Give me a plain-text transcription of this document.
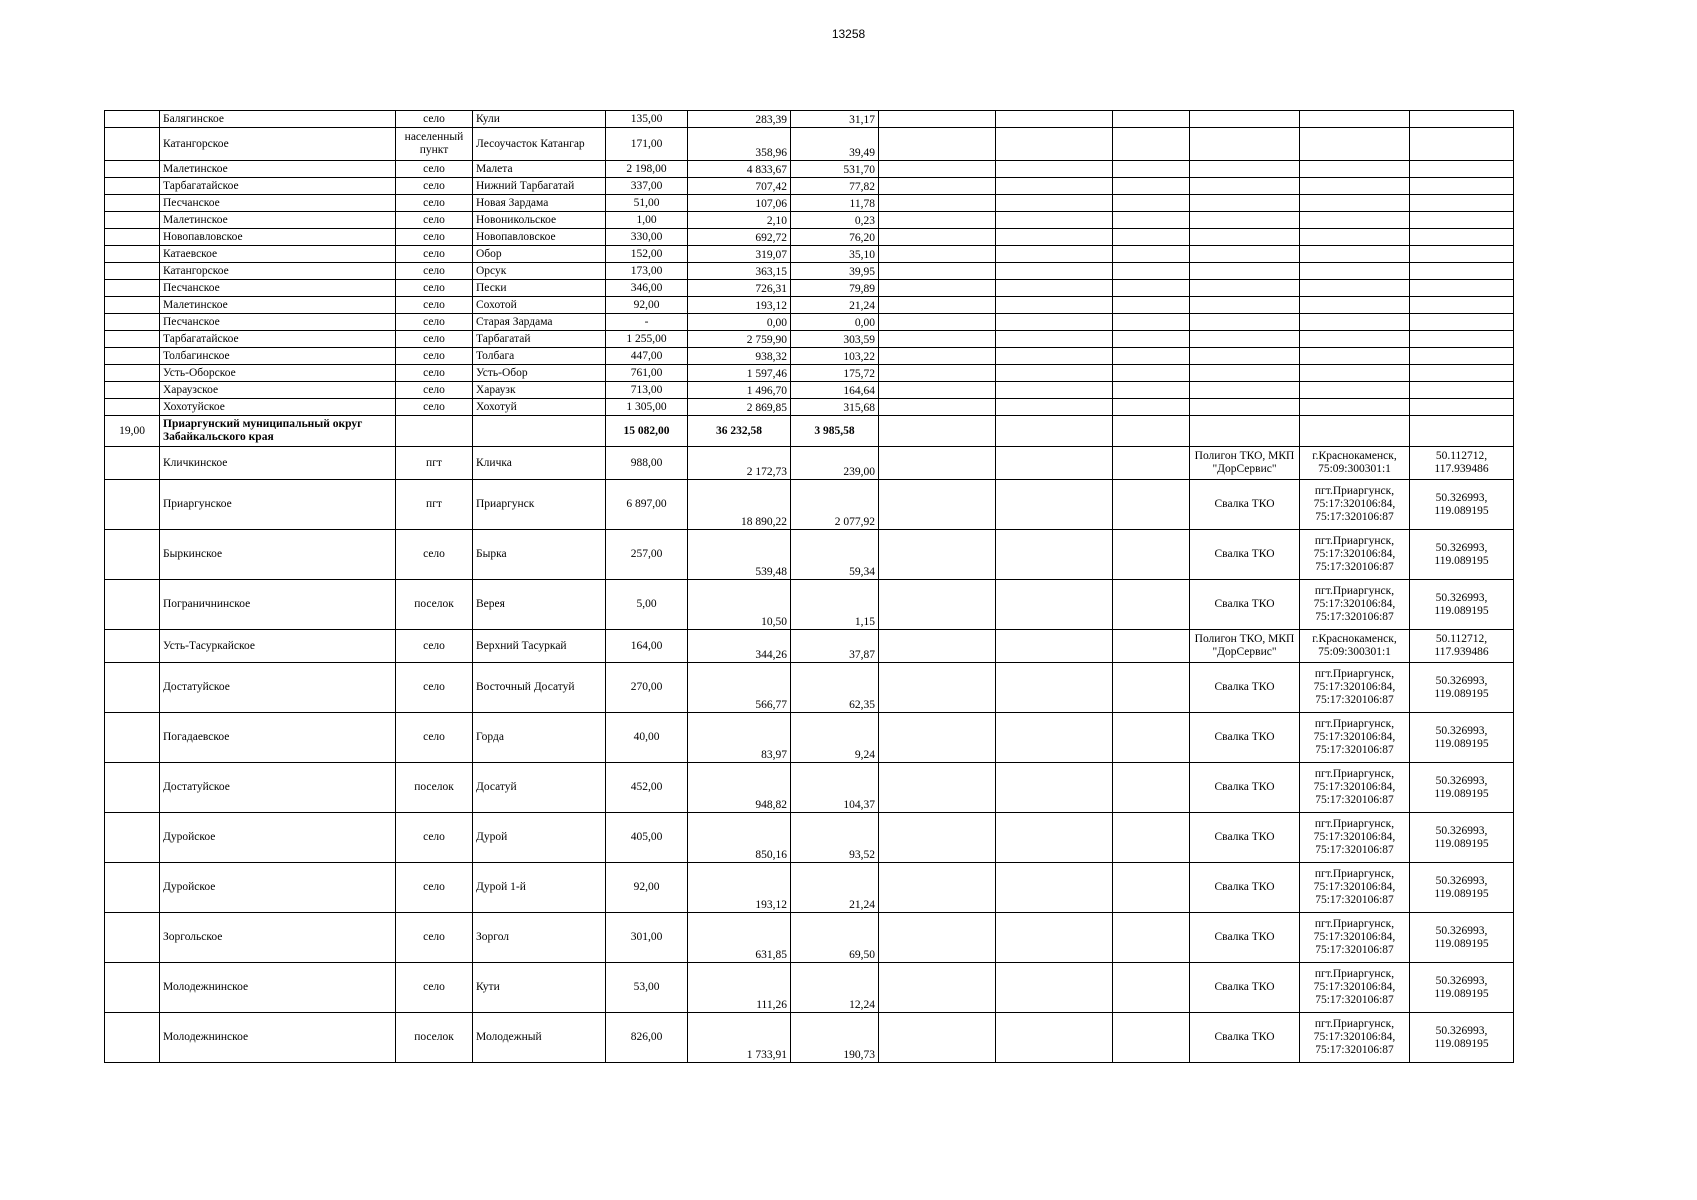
13258
	Балягинское	село	Кули	135,00	283,39	31,17						
	Катангорское	населенный пункт	Лесоучасток Катангар	171,00	358,96	39,49						
	Малетинское	село	Малета	2 198,00	4 833,67	531,70						
	Тарбагатайское	село	Нижний Тарбагатай	337,00	707,42	77,82						
	Песчанское	село	Новая Зардама	51,00	107,06	11,78						
	Малетинское	село	Новоникольское	1,00	2,10	0,23						
	Новопавловское	село	Новопавловское	330,00	692,72	76,20						
	Катаевское	село	Обор	152,00	319,07	35,10						
	Катангорское	село	Орсук	173,00	363,15	39,95						
	Песчанское	село	Пески	346,00	726,31	79,89						
	Малетинское	село	Сохотой	92,00	193,12	21,24						
	Песчанское	село	Старая Зардама	-	0,00	0,00						
	Тарбагатайское	село	Тарбагатай	1 255,00	2 759,90	303,59						
	Толбагинское	село	Толбага	447,00	938,32	103,22						
	Усть-Оборское	село	Усть-Обор	761,00	1 597,46	175,72						
	Хараузское	село	Хараузк	713,00	1 496,70	164,64						
	Хохотуйское	село	Хохотуй	1 305,00	2 869,85	315,68						
19,00	Приаргунский муниципальный округ Забайкальского края			15 082,00	36 232,58	3 985,58						
	Кличкинское	пгт	Кличка	988,00	2 172,73	239,00				Полигон ТКО, МКП "ДорСервис"	г.Краснокаменск, 75:09:300301:1	50.112712, 117.939486
	Приаргунское	пгт	Приаргунск	6 897,00	18 890,22	2 077,92				Свалка ТКО	пгт.Приаргунск, 75:17:320106:84, 75:17:320106:87	50.326993, 119.089195
	Быркинское	село	Бырка	257,00	539,48	59,34				Свалка ТКО	пгт.Приаргунск, 75:17:320106:84, 75:17:320106:87	50.326993, 119.089195
	Пограничнинское	поселок	Верея	5,00	10,50	1,15				Свалка ТКО	пгт.Приаргунск, 75:17:320106:84, 75:17:320106:87	50.326993, 119.089195
	Усть-Тасуркайское	село	Верхний Тасуркай	164,00	344,26	37,87				Полигон ТКО, МКП "ДорСервис"	г.Краснокаменск, 75:09:300301:1	50.112712, 117.939486
	Достатуйское	село	Восточный Досатуй	270,00	566,77	62,35				Свалка ТКО	пгт.Приаргунск, 75:17:320106:84, 75:17:320106:87	50.326993, 119.089195
	Погадаевское	село	Горда	40,00	83,97	9,24				Свалка ТКО	пгт.Приаргунск, 75:17:320106:84, 75:17:320106:87	50.326993, 119.089195
	Достатуйское	поселок	Досатуй	452,00	948,82	104,37				Свалка ТКО	пгт.Приаргунск, 75:17:320106:84, 75:17:320106:87	50.326993, 119.089195
	Дуройское	село	Дурой	405,00	850,16	93,52				Свалка ТКО	пгт.Приаргунск, 75:17:320106:84, 75:17:320106:87	50.326993, 119.089195
	Дуройское	село	Дурой 1-й	92,00	193,12	21,24				Свалка ТКО	пгт.Приаргунск, 75:17:320106:84, 75:17:320106:87	50.326993, 119.089195
	Зоргольское	село	Зоргол	301,00	631,85	69,50				Свалка ТКО	пгт.Приаргунск, 75:17:320106:84, 75:17:320106:87	50.326993, 119.089195
	Молодежнинское	село	Кути	53,00	111,26	12,24				Свалка ТКО	пгт.Приаргунск, 75:17:320106:84, 75:17:320106:87	50.326993, 119.089195
	Молодежнинское	поселок	Молодежный	826,00	1 733,91	190,73				Свалка ТКО	пгт.Приаргунск, 75:17:320106:84, 75:17:320106:87	50.326993, 119.089195
